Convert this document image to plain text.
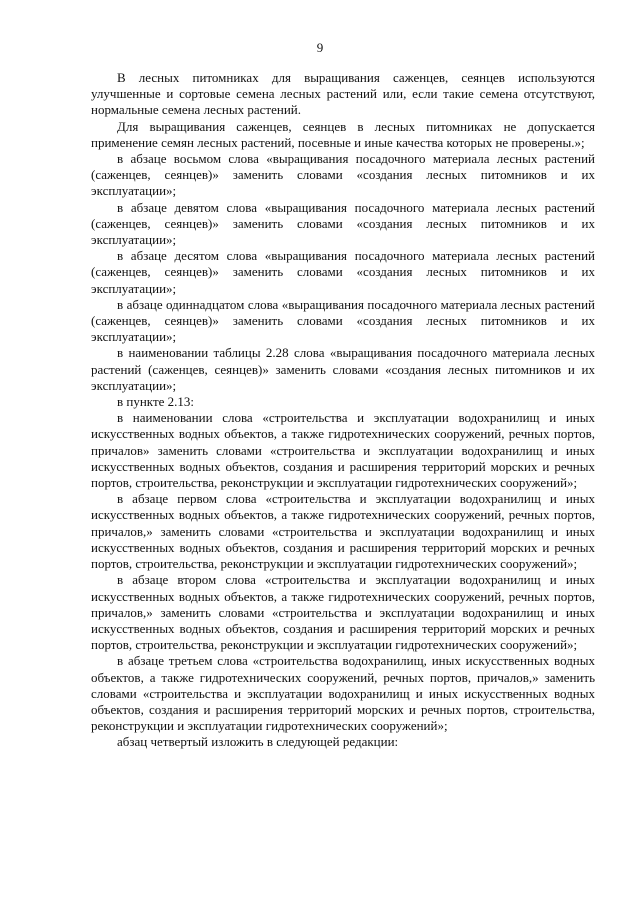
9

В лесных питомниках для выращивания саженцев, сеянцев используются улучшенные и сортовые семена лесных растений или, если такие семена отсутствуют, нормальные семена лесных растений.

Для выращивания саженцев, сеянцев в лесных питомниках не допускается применение семян лесных растений, посевные и иные качества которых не проверены.»;

в абзаце восьмом слова «выращивания посадочного материала лесных растений (саженцев, сеянцев)» заменить словами «создания лесных питомников и их эксплуатации»;

в абзаце девятом слова «выращивания посадочного материала лесных растений (саженцев, сеянцев)» заменить словами «создания лесных питомников и их эксплуатации»;

в абзаце десятом слова «выращивания посадочного материала лесных растений (саженцев, сеянцев)» заменить словами «создания лесных питомников и их эксплуатации»;

в абзаце одиннадцатом слова «выращивания посадочного материала лесных растений (саженцев, сеянцев)» заменить словами «создания лесных питомников и их эксплуатации»;

в наименовании таблицы 2.28 слова «выращивания посадочного материала лесных растений (саженцев, сеянцев)» заменить словами «создания лесных питомников и их эксплуатации»;

в пункте 2.13:

в наименовании слова «строительства и эксплуатации водохранилищ и иных искусственных водных объектов, а также гидротехнических сооружений, речных портов, причалов» заменить словами «строительства и эксплуатации водохранилищ и иных искусственных водных объектов, создания и расширения территорий морских и речных портов, строительства, реконструкции и эксплуатации гидротехнических сооружений»;

в абзаце первом слова «строительства и эксплуатации водохранилищ и иных искусственных водных объектов, а также гидротехнических сооружений, речных портов, причалов,» заменить словами «строительства и эксплуатации водохранилищ и иных искусственных водных объектов, создания и расширения территорий морских и речных портов, строительства, реконструкции и эксплуатации гидротехнических сооружений»;

в абзаце втором слова «строительства и эксплуатации водохранилищ и иных искусственных водных объектов, а также гидротехнических сооружений, речных портов, причалов,» заменить словами «строительства и эксплуатации водохранилищ и иных искусственных водных объектов, создания и расширения территорий морских и речных портов, строительства, реконструкции и эксплуатации гидротехнических сооружений»;

в абзаце третьем слова «строительства водохранилищ, иных искусственных водных объектов, а также гидротехнических сооружений, речных портов, причалов,» заменить словами «строительства и эксплуатации водохранилищ и иных искусственных водных объектов, создания и расширения территорий морских и речных портов, строительства, реконструкции и эксплуатации гидротехнических сооружений»;

абзац четвертый изложить в следующей редакции:
